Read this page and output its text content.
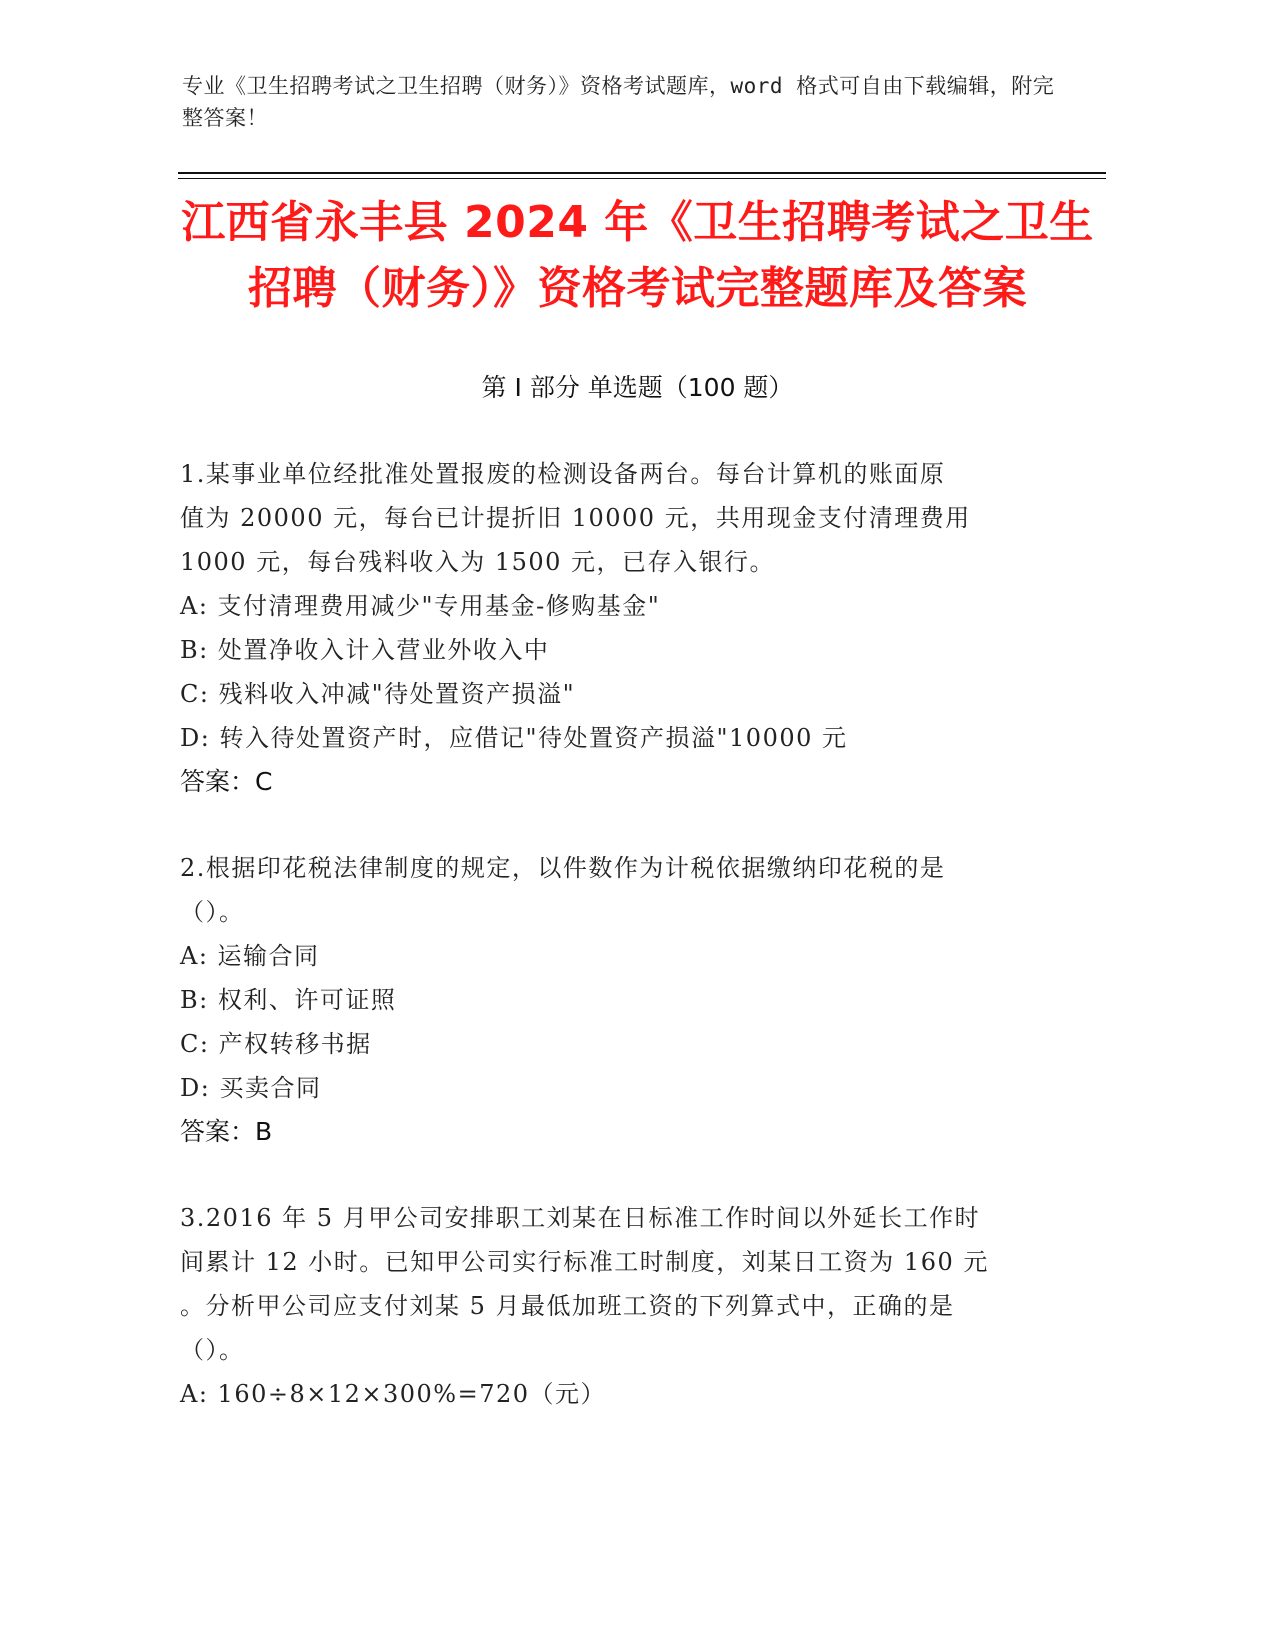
专业《卫生招聘考试之卫生招聘（财务）》资格考试题库，word 格式可自由下载编辑，附完整答案！
江西省永丰县 2024 年《卫生招聘考试之卫生
招聘（财务）》资格考试完整题库及答案
第 I 部分 单选题（100 题）
1.某事业单位经批准处置报废的检测设备两台。每台计算机的账面原
值为 20000 元，每台已计提折旧 10000 元，共用现金支付清理费用
1000 元，每台残料收入为 1500 元，已存入银行。
A: 支付清理费用减少"专用基金-修购基金"
B: 处置净收入计入营业外收入中
C: 残料收入冲减"待处置资产损溢"
D: 转入待处置资产时，应借记"待处置资产损溢"10000 元
答案：C
2.根据印花税法律制度的规定，以件数作为计税依据缴纳印花税的是
（）。
A: 运输合同
B: 权利、许可证照
C: 产权转移书据
D: 买卖合同
答案：B
3.2016 年 5 月甲公司安排职工刘某在日标准工作时间以外延长工作时
间累计 12 小时。已知甲公司实行标准工时制度，刘某日工资为 160 元
。分析甲公司应支付刘某 5 月最低加班工资的下列算式中，正确的是
（）。
A: 160÷8×12×300%=720（元）
